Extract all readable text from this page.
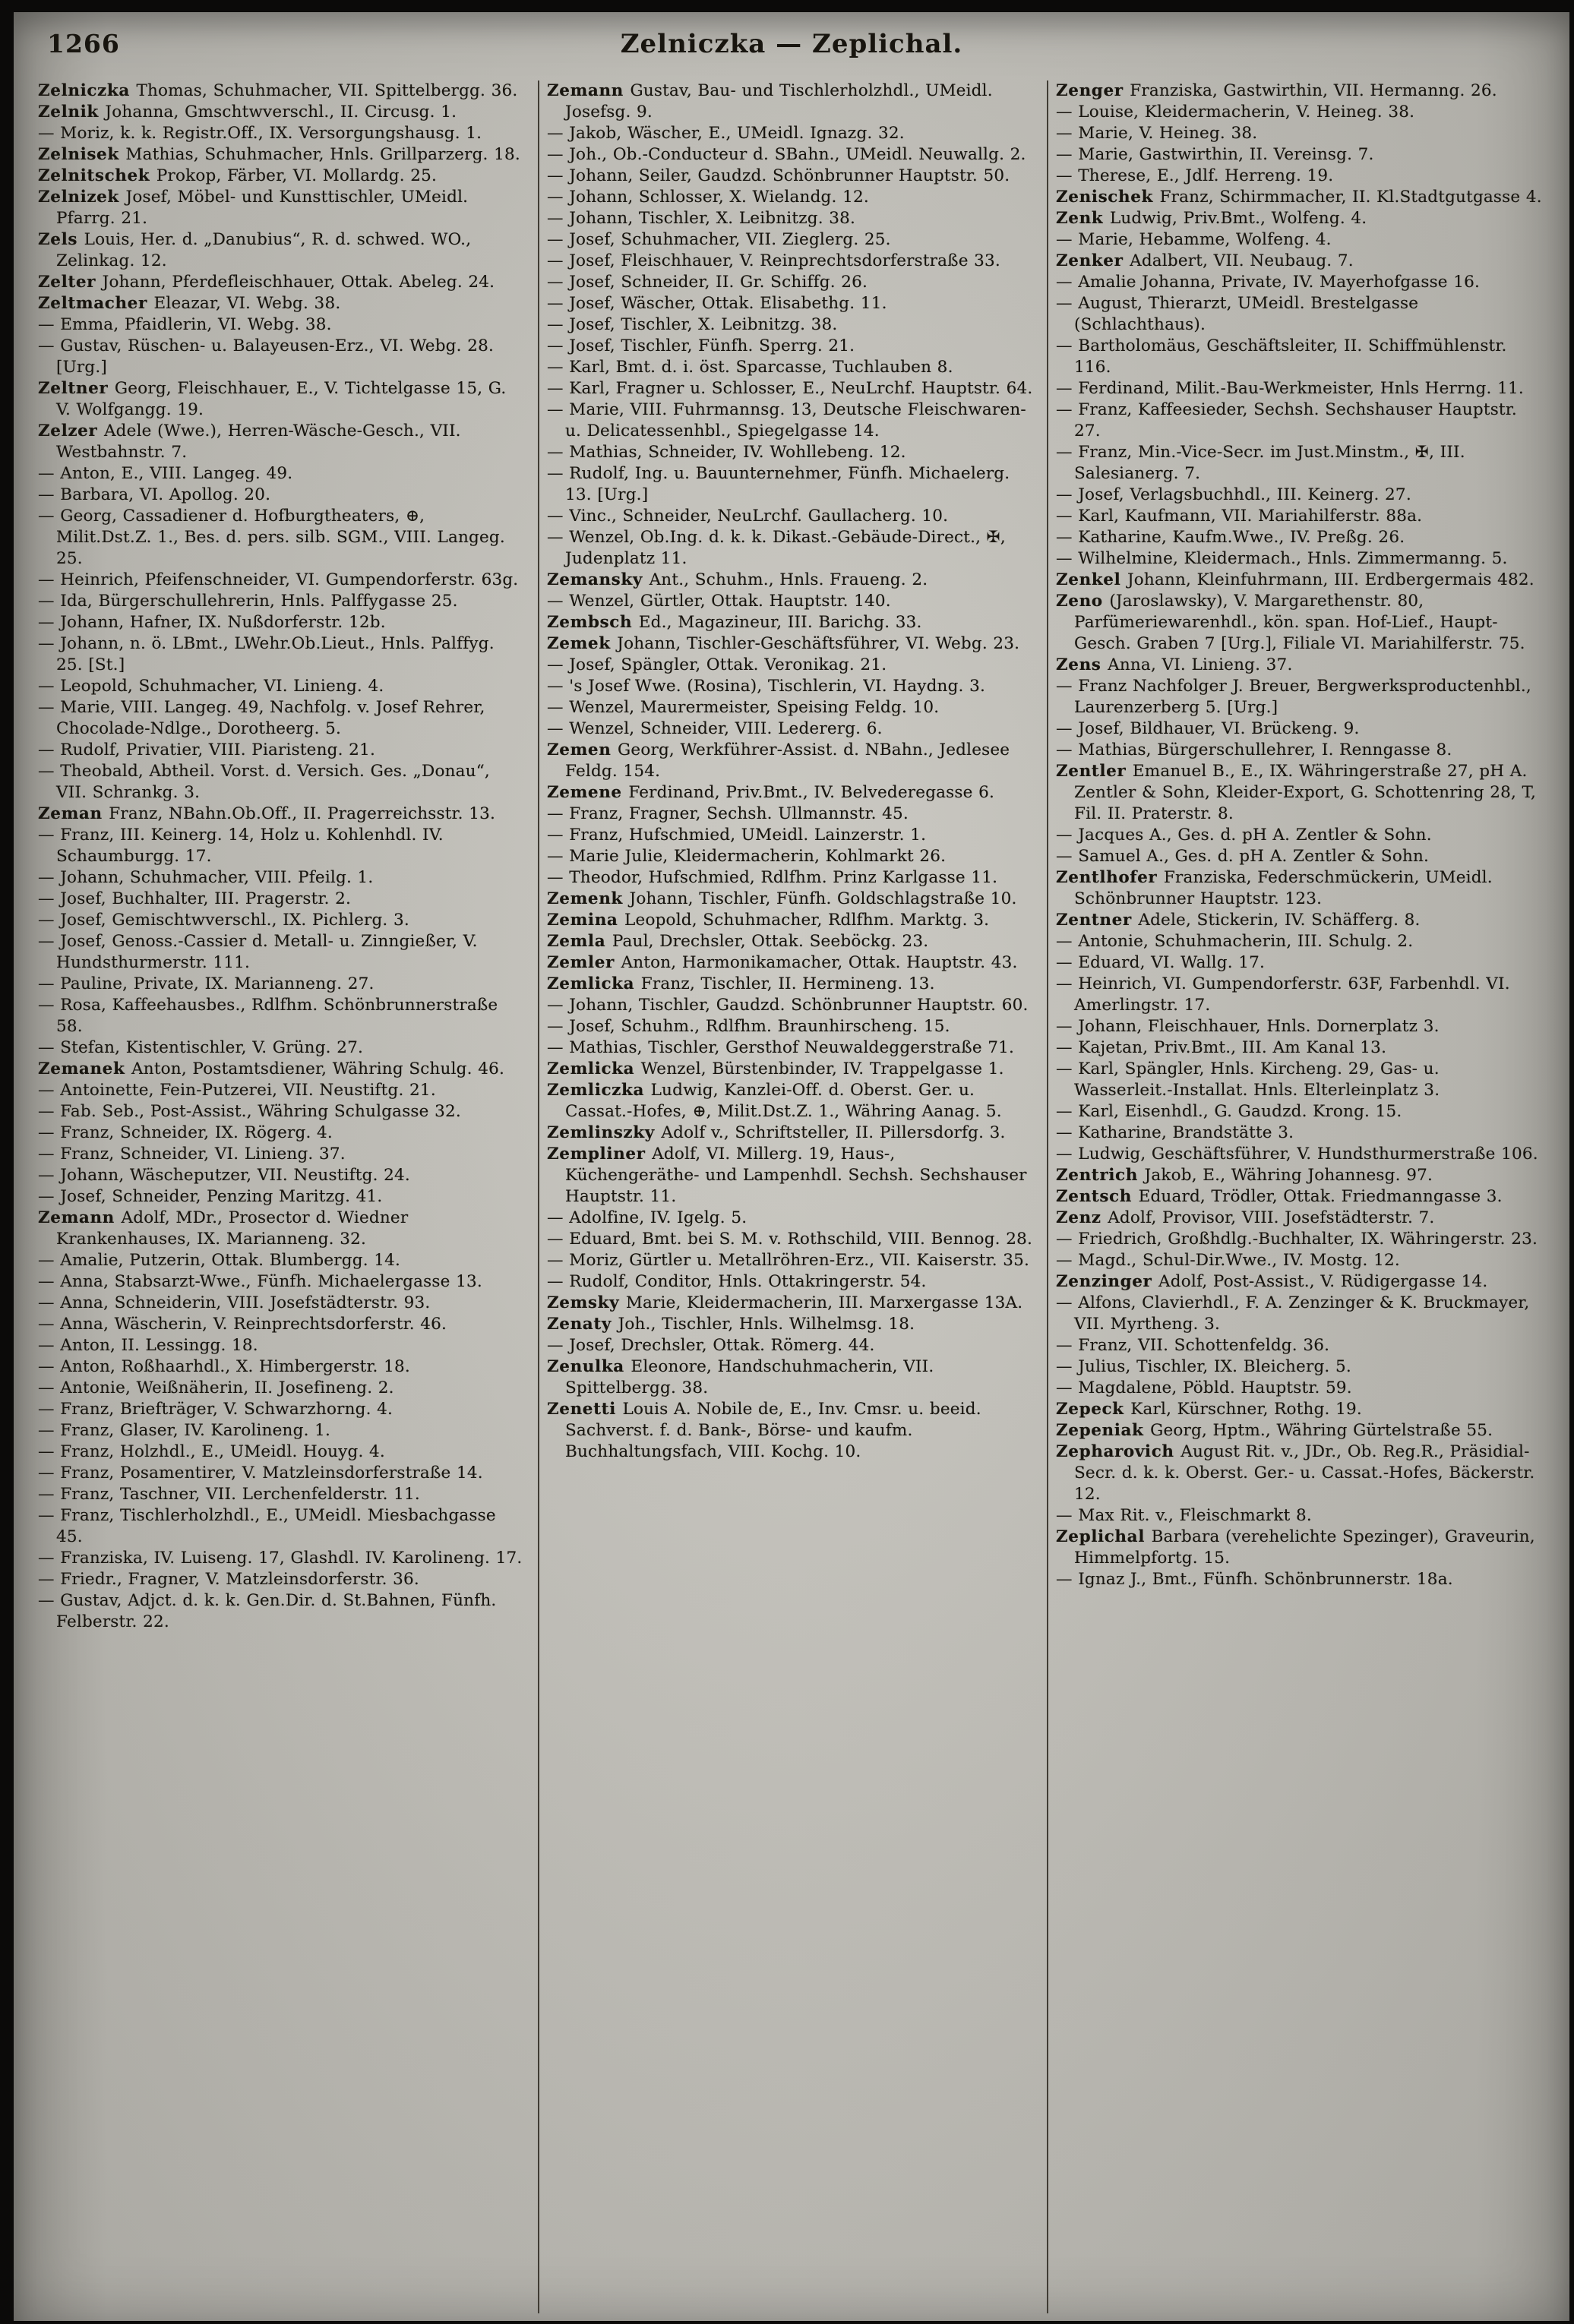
1266	Zelniczka — Zeplichal.

Zelniczka Thomas, Schuhmacher, VII. Spittelbergg. 36.

Zelnik Johanna, Gmschtwverschl., II. Circusg. 1.

— Moriz, k. k. Registr.Off., IX. Versorgungshausg. 1.

Zelnisek Mathias, Schuhmacher, Hnls. Grillparzerg. 18.

Zelnitschek Prokop, Färber, VI. Mollardg. 25.

Zelnizek Josef, Möbel- und Kunsttischler, UMeidl. Pfarrg. 21.

Zels Louis, Her. d. „Danubius“, R. d. schwed. WO., Zelinkag. 12.

Zelter Johann, Pferdefleischhauer, Ottak. Abeleg. 24.

Zeltmacher Eleazar, VI. Webg. 38.

— Emma, Pfaidlerin, VI. Webg. 38.

— Gustav, Rüschen- u. Balayeusen-Erz., VI. Webg. 28. [Urg.]

Zeltner Georg, Fleischhauer, E., V. Tichtelgasse 15, G. V. Wolfgangg. 19.

Zelzer Adele (Wwe.), Herren-Wäsche-Gesch., VII. Westbahnstr. 7.

— Anton, E., VIII. Langeg. 49.

— Barbara, VI. Apollog. 20.

— Georg, Cassadiener d. Hofburgtheaters, ⊕, Milit.Dst.Z. 1., Bes. d. pers. silb. SGM., VIII. Langeg. 25.

— Heinrich, Pfeifenschneider, VI. Gumpendorferstr. 63g.

— Ida, Bürgerschullehrerin, Hnls. Palffygasse 25.

— Johann, Hafner, IX. Nußdorferstr. 12b.

— Johann, n. ö. LBmt., LWehr.Ob.Lieut., Hnls. Palffyg. 25. [St.]

— Leopold, Schuhmacher, VI. Linieng. 4.

— Marie, VIII. Langeg. 49, Nachfolg. v. Josef Rehrer, Chocolade-Ndlge., Dorotheerg. 5.

— Rudolf, Privatier, VIII. Piaristeng. 21.

— Theobald, Abtheil. Vorst. d. Versich. Ges. „Donau“, VII. Schrankg. 3.

Zeman Franz, NBahn.Ob.Off., II. Pragerreichsstr. 13.

— Franz, III. Keinerg. 14, Holz u. Kohlenhdl. IV. Schaumburgg. 17.

— Johann, Schuhmacher, VIII. Pfeilg. 1.

— Josef, Buchhalter, III. Pragerstr. 2.

— Josef, Gemischtwverschl., IX. Pichlerg. 3.

— Josef, Genoss.-Cassier d. Metall- u. Zinngießer, V. Hundsthurmerstr. 111.

— Pauline, Private, IX. Marianneng. 27.

— Rosa, Kaffeehausbes., Rdlfhm. Schönbrunnerstraße 58.

— Stefan, Kistentischler, V. Grüng. 27.

Zemanek Anton, Postamtsdiener, Währing Schulg. 46.

— Antoinette, Fein-Putzerei, VII. Neustiftg. 21.

— Fab. Seb., Post-Assist., Währing Schulgasse 32.

— Franz, Schneider, IX. Rögerg. 4.

— Franz, Schneider, VI. Linieng. 37.

— Johann, Wäscheputzer, VII. Neustiftg. 24.

— Josef, Schneider, Penzing Maritzg. 41.

Zemann Adolf, MDr., Prosector d. Wiedner Krankenhauses, IX. Marianneng. 32.

— Amalie, Putzerin, Ottak. Blumbergg. 14.

— Anna, Stabsarzt-Wwe., Fünfh. Michaelergasse 13.

— Anna, Schneiderin, VIII. Josefstädterstr. 93.

— Anna, Wäscherin, V. Reinprechtsdorferstr. 46.

— Anton, II. Lessingg. 18.

— Anton, Roßhaarhdl., X. Himbergerstr. 18.

— Antonie, Weißnäherin, II. Josefineng. 2.

— Franz, Briefträger, V. Schwarzhorng. 4.

— Franz, Glaser, IV. Karolineng. 1.

— Franz, Holzhdl., E., UMeidl. Houyg. 4.

— Franz, Posamentirer, V. Matzleinsdorferstraße 14.

— Franz, Taschner, VII. Lerchenfelderstr. 11.

— Franz, Tischlerholzhdl., E., UMeidl. Miesbachgasse 45.

— Franziska, IV. Luiseng. 17, Glashdl. IV. Karolineng. 17.

— Friedr., Fragner, V. Matzleinsdorferstr. 36.

— Gustav, Adjct. d. k. k. Gen.Dir. d. St.Bahnen, Fünfh. Felberstr. 22.

Zemann Gustav, Bau- und Tischlerholzhdl., UMeidl. Josefsg. 9.

— Jakob, Wäscher, E., UMeidl. Ignazg. 32.

— Joh., Ob.-Conducteur d. SBahn., UMeidl. Neuwallg. 2.

— Johann, Seiler, Gaudzd. Schönbrunner Hauptstr. 50.

— Johann, Schlosser, X. Wielandg. 12.

— Johann, Tischler, X. Leibnitzg. 38.

— Josef, Schuhmacher, VII. Zieglerg. 25.

— Josef, Fleischhauer, V. Reinprechtsdorferstraße 33.

— Josef, Schneider, II. Gr. Schiffg. 26.

— Josef, Wäscher, Ottak. Elisabethg. 11.

— Josef, Tischler, X. Leibnitzg. 38.

— Josef, Tischler, Fünfh. Sperrg. 21.

— Karl, Bmt. d. i. öst. Sparcasse, Tuchlauben 8.

— Karl, Fragner u. Schlosser, E., NeuLrchf. Hauptstr. 64.

— Marie, VIII. Fuhrmannsg. 13, Deutsche Fleischwaren- u. Delicatessenhbl., Spiegelgasse 14.

— Mathias, Schneider, IV. Wohllebeng. 12.

— Rudolf, Ing. u. Bauunternehmer, Fünfh. Michaelerg. 13. [Urg.]

— Vinc., Schneider, NeuLrchf. Gaullacherg. 10.

— Wenzel, Ob.Ing. d. k. k. Dikast.-Gebäude-Direct., ✠, Judenplatz 11.

Zemansky Ant., Schuhm., Hnls. Fraueng. 2.

— Wenzel, Gürtler, Ottak. Hauptstr. 140.

Zembsch Ed., Magazineur, III. Barichg. 33.

Zemek Johann, Tischler-Geschäftsführer, VI. Webg. 23.

— Josef, Spängler, Ottak. Veronikag. 21.

— 's Josef Wwe. (Rosina), Tischlerin, VI. Haydng. 3.

— Wenzel, Maurermeister, Speising Feldg. 10.

— Wenzel, Schneider, VIII. Ledererg. 6.

Zemen Georg, Werkführer-Assist. d. NBahn., Jedlesee Feldg. 154.

Zemene Ferdinand, Priv.Bmt., IV. Belvederegasse 6.

— Franz, Fragner, Sechsh. Ullmannstr. 45.

— Franz, Hufschmied, UMeidl. Lainzerstr. 1.

— Marie Julie, Kleidermacherin, Kohlmarkt 26.

— Theodor, Hufschmied, Rdlfhm. Prinz Karlgasse 11.

Zemenk Johann, Tischler, Fünfh. Goldschlagstraße 10.

Zemina Leopold, Schuhmacher, Rdlfhm. Marktg. 3.

Zemla Paul, Drechsler, Ottak. Seeböckg. 23.

Zemler Anton, Harmonikamacher, Ottak. Hauptstr. 43.

Zemlicka Franz, Tischler, II. Hermineng. 13.

— Johann, Tischler, Gaudzd. Schönbrunner Hauptstr. 60.

— Josef, Schuhm., Rdlfhm. Braunhirscheng. 15.

— Mathias, Tischler, Gersthof Neuwaldeggerstraße 71.

Zemlicka Wenzel, Bürstenbinder, IV. Trappelgasse 1.

Zemliczka Ludwig, Kanzlei-Off. d. Oberst. Ger. u. Cassat.-Hofes, ⊕, Milit.Dst.Z. 1., Währing Aanag. 5.

Zemlinszky Adolf v., Schriftsteller, II. Pillersdorfg. 3.

Zempliner Adolf, VI. Millerg. 19, Haus-, Küchengeräthe- und Lampenhdl. Sechsh. Sechshauser Hauptstr. 11.

— Adolfine, IV. Igelg. 5.

— Eduard, Bmt. bei S. M. v. Rothschild, VIII. Bennog. 28.

— Moriz, Gürtler u. Metallröhren-Erz., VII. Kaiserstr. 35.

— Rudolf, Conditor, Hnls. Ottakringerstr. 54.

Zemsky Marie, Kleidermacherin, III. Marxergasse 13A.

Zenaty Joh., Tischler, Hnls. Wilhelmsg. 18.

— Josef, Drechsler, Ottak. Römerg. 44.

Zenulka Eleonore, Handschuhmacherin, VII. Spittelbergg. 38.

Zenetti Louis A. Nobile de, E., Inv. Cmsr. u. beeid. Sachverst. f. d. Bank-, Börse- und kaufm. Buchhaltungsfach, VIII. Kochg. 10.

Zenger Franziska, Gastwirthin, VII. Hermanng. 26.

— Louise, Kleidermacherin, V. Heineg. 38.

— Marie, V. Heineg. 38.

— Marie, Gastwirthin, II. Vereinsg. 7.

— Therese, E., Jdlf. Herreng. 19.

Zenischek Franz, Schirmmacher, II. Kl.Stadtgutgasse 4.

Zenk Ludwig, Priv.Bmt., Wolfeng. 4.

— Marie, Hebamme, Wolfeng. 4.

Zenker Adalbert, VII. Neubaug. 7.

— Amalie Johanna, Private, IV. Mayerhofgasse 16.

— August, Thierarzt, UMeidl. Brestelgasse (Schlachthaus).

— Bartholomäus, Geschäftsleiter, II. Schiffmühlenstr. 116.

— Ferdinand, Milit.-Bau-Werkmeister, Hnls Herrng. 11.

— Franz, Kaffeesieder, Sechsh. Sechshauser Hauptstr. 27.

— Franz, Min.-Vice-Secr. im Just.Minstm., ✠, III. Salesianerg. 7.

— Josef, Verlagsbuchhdl., III. Keinerg. 27.

— Karl, Kaufmann, VII. Mariahilferstr. 88a.

— Katharine, Kaufm.Wwe., IV. Preßg. 26.

— Wilhelmine, Kleidermach., Hnls. Zimmermanng. 5.

Zenkel Johann, Kleinfuhrmann, III. Erdbergermais 482.

Zeno (Jaroslawsky), V. Margarethenstr. 80, Parfümeriewarenhdl., kön. span. Hof-Lief., Haupt-Gesch. Graben 7 [Urg.], Filiale VI. Mariahilferstr. 75.

Zens Anna, VI. Linieng. 37.

— Franz Nachfolger J. Breuer, Bergwerksproductenhbl., Laurenzerberg 5. [Urg.]

— Josef, Bildhauer, VI. Brückeng. 9.

— Mathias, Bürgerschullehrer, I. Renngasse 8.

Zentler Emanuel B., E., IX. Währingerstraße 27, pH A. Zentler & Sohn, Kleider-Export, G. Schottenring 28, T, Fil. II. Praterstr. 8.

— Jacques A., Ges. d. pH A. Zentler & Sohn.

— Samuel A., Ges. d. pH A. Zentler & Sohn.

Zentlhofer Franziska, Federschmückerin, UMeidl. Schönbrunner Hauptstr. 123.

Zentner Adele, Stickerin, IV. Schäfferg. 8.

— Antonie, Schuhmacherin, III. Schulg. 2.

— Eduard, VI. Wallg. 17.

— Heinrich, VI. Gumpendorferstr. 63F, Farbenhdl. VI. Amerlingstr. 17.

— Johann, Fleischhauer, Hnls. Dornerplatz 3.

— Kajetan, Priv.Bmt., III. Am Kanal 13.

— Karl, Spängler, Hnls. Kircheng. 29, Gas- u. Wasserleit.-Installat. Hnls. Elterleinplatz 3.

— Karl, Eisenhdl., G. Gaudzd. Krong. 15.

— Katharine, Brandstätte 3.

— Ludwig, Geschäftsführer, V. Hundsthurmerstraße 106.

Zentrich Jakob, E., Währing Johannesg. 97.

Zentsch Eduard, Trödler, Ottak. Friedmanngasse 3.

Zenz Adolf, Provisor, VIII. Josefstädterstr. 7.

— Friedrich, Großhdlg.-Buchhalter, IX. Währingerstr. 23.

— Magd., Schul-Dir.Wwe., IV. Mostg. 12.

Zenzinger Adolf, Post-Assist., V. Rüdigergasse 14.

— Alfons, Clavierhdl., F. A. Zenzinger & K. Bruckmayer, VII. Myrtheng. 3.

— Franz, VII. Schottenfeldg. 36.

— Julius, Tischler, IX. Bleicherg. 5.

— Magdalene, Pöbld. Hauptstr. 59.

Zepeck Karl, Kürschner, Rothg. 19.

Zepeniak Georg, Hptm., Währing Gürtelstraße 55.

Zepharovich August Rit. v., JDr., Ob. Reg.R., Präsidial-Secr. d. k. k. Oberst. Ger.- u. Cassat.-Hofes, Bäckerstr. 12.

— Max Rit. v., Fleischmarkt 8.

Zeplichal Barbara (verehelichte Spezinger), Graveurin, Himmelpfortg. 15.

— Ignaz J., Bmt., Fünfh. Schönbrunnerstr. 18a.
